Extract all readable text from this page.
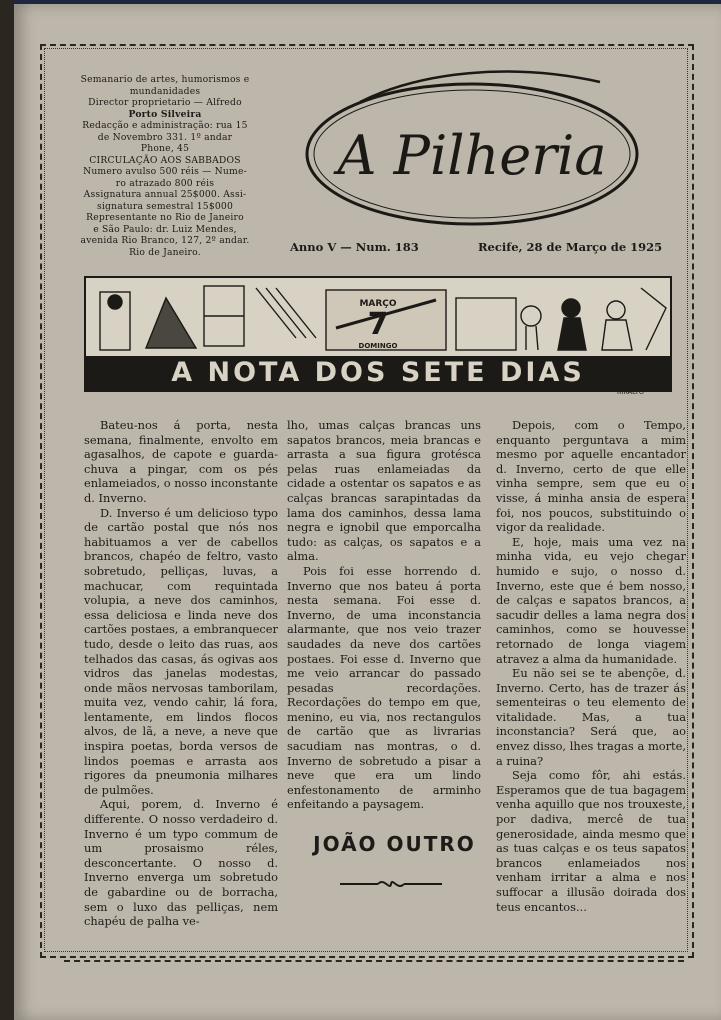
Semanario de artes, humorismos e
mundanidades
Director proprietario — Alfredo
Porto Silveira
Redacção e administração: rua 15
de Novembro 331. 1º andar
Phone, 45
CIRCULAÇÃO AOS SABBADOS
Numero avulso 500 réis — Nume-
ro atrazado 800 réis
Assignatura annual 25$000. Assi-
signatura semestral 15$000
Representante no Rio de Janeiro
e São Paulo: dr. Luiz Mendes,
avenida Rio Branco, 127, 2º andar.
Rio de Janeiro.
A Pilheria
Anno V — Num. 183	Recife, 28 de Março de 1925
MARÇO
7
DOMINGO
A NOTA DOS SETE DIAS
RIRALTO

Bateu-nos á porta, nesta semana, finalmente, envolto em agasalhos, de capote e guarda-chuva a pingar, com os pés enlameiados, o nosso inconstante d. Inverno.

D. Inverso é um delicioso typo de cartão postal que nós nos habituamos a ver de cabellos brancos, chapéo de feltro, vasto sobretudo, pelliças, luvas, a machucar, com requintada volupia, a neve dos caminhos, essa deliciosa e linda neve dos cartões postaes, a embranquecer tudo, desde o leito das ruas, aos telhados das casas, ás ogivas aos vidros das janelas modestas, onde mãos nervosas tamborilam, muita vez, vendo cahir, lá fora, lentamente, em lindos flocos alvos, de lã, a neve, a neve que inspira poetas, borda versos de lindos poemas e arrasta aos rigores da pneumonia milhares de pulmões.

Aqui, porem, d. Inverno é differente. O nosso verdadeiro d. Inverno é um typo commum de um prosaismo réles, desconcertante. O nosso d. Inverno enverga um sobretudo de gabardine ou de borracha, sem o luxo das pelliças, nem chapéu de palha ve-

lho, umas calças brancas uns sapatos brancos, meia brancas e arrasta a sua figura grotésca pelas ruas enlameiadas da cidade a ostentar os sapatos e as calças brancas sarapintadas da lama dos caminhos, dessa lama negra e ignobil que emporcalha tudo: as calças, os sapatos e a alma.

Pois foi esse horrendo d. Inverno que nos bateu á porta nesta semana. Foi esse d. Inverno, de uma inconstancia alarmante, que nos veio trazer saudades da neve dos cartões postaes. Foi esse d. Inverno que me veio arrancar do passado pesadas recordações. Recordações do tempo em que, menino, eu via, nos rectangulos de cartão que as livrarias sacudiam nas montras, o d. Inverno de sobretudo a pisar a neve que era um lindo enfestonamento de arminho enfeitando a paysagem.

JOÃO OUTRO

Depois, com o Tempo, enquanto perguntava a mim mesmo por aquelle encantador d. Inverno, certo de que elle vinha sempre, sem que eu o visse, á minha ansia de espera foi, nos poucos, substituindo o vigor da realidade.

E, hoje, mais uma vez na minha vida, eu vejo chegar humido e sujo, o nosso d. Inverno, este que é bem nosso, de calças e sapatos brancos, a sacudir delles a lama negra dos caminhos, como se houvesse retornado de longa viagem atravez a alma da humanidade.

Eu não sei se te abençõe, d. Inverno. Certo, has de trazer ás sementeiras o teu elemento de vitalidade. Mas, a tua inconstancia? Será que, ao envez disso, lhes tragas a morte, a ruina?

Seja como fôr, ahi estás. Esperamos que de tua bagagem venha aquillo que nos trouxeste, por dadiva, mercê de tua generosidade, ainda mesmo que as tuas calças e os teus sapatos brancos enlameiados nos venham irritar a alma e nos suffocar a illusão doirada dos teus encantos...
